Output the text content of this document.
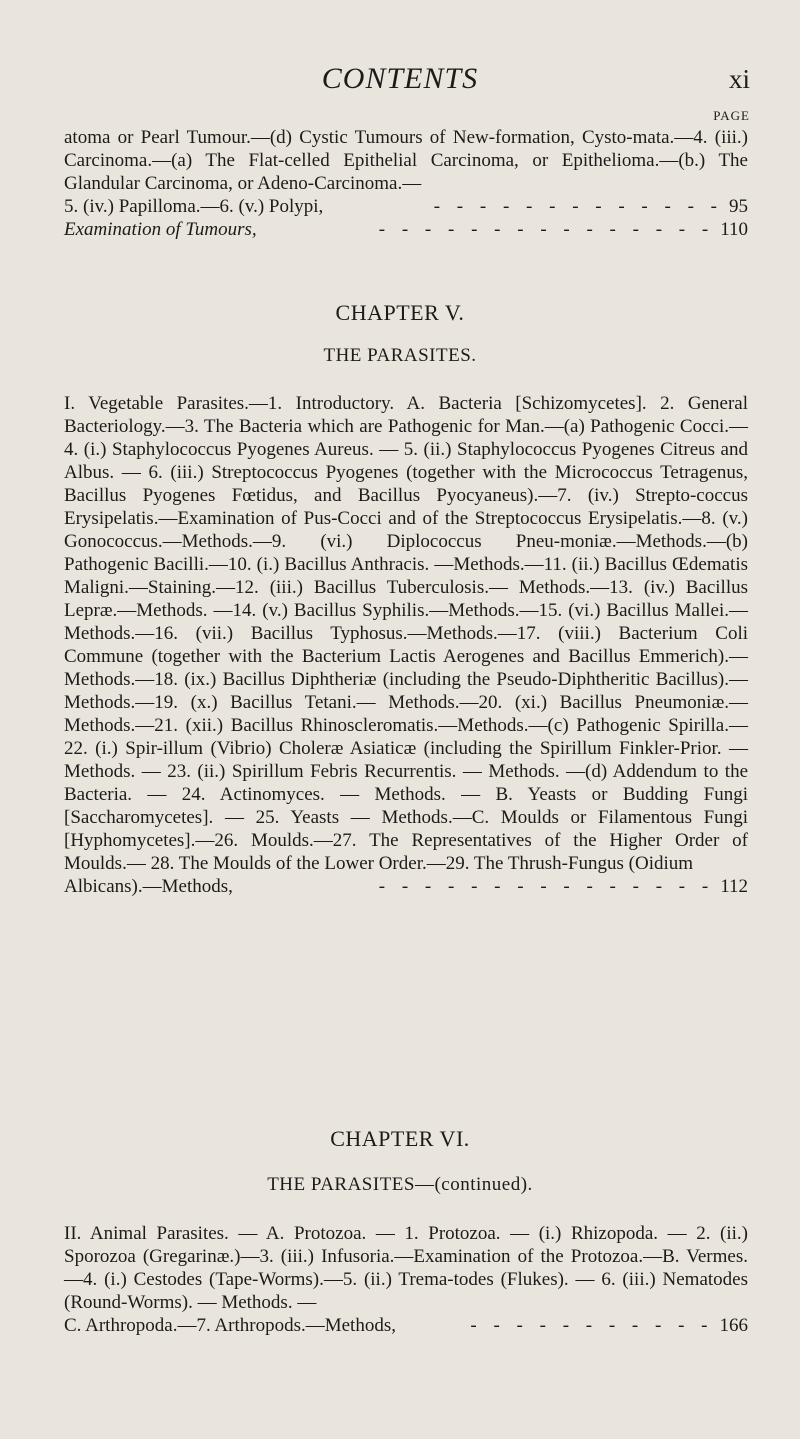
CONTENTS	xi
PAGE

atoma or Pearl Tumour.—(d) Cystic Tumours of New-formation, Cysto-mata.—4. (iii.) Carcinoma.—(a) The Flat-celled Epithelial Carcinoma, or Epithelioma.—(b.) The Glandular Carcinoma, or Adeno-Carcinoma.—

5. (iv.) Papilloma.—6. (v.) Polypi,	- - - - - - - - - - - - - 95
Examination of Tumours,	- - - - - - - - - - - - - - - 110
CHAPTER V.
THE PARASITES.

I. Vegetable Parasites.—1. Introductory. A. Bacteria [Schizomycetes]. 2. General Bacteriology.—3. The Bacteria which are Pathogenic for Man.—(a) Pathogenic Cocci.—4. (i.) Staphylococcus Pyogenes Aureus. — 5. (ii.) Staphylococcus Pyogenes Citreus and Albus. — 6. (iii.) Streptococcus Pyogenes (together with the Micrococcus Tetragenus, Bacillus Pyogenes Fœtidus, and Bacillus Pyocyaneus).—7. (iv.) Strepto-coccus Erysipelatis.—Examination of Pus-Cocci and of the Streptococcus Erysipelatis.—8. (v.) Gonococcus.—Methods.—9. (vi.) Diplococcus Pneu-moniæ.—Methods.—(b) Pathogenic Bacilli.—10. (i.) Bacillus Anthracis. —Methods.—11. (ii.) Bacillus Œdematis Maligni.—Staining.—12. (iii.) Bacillus Tuberculosis.— Methods.—13. (iv.) Bacillus Lepræ.—Methods. —14. (v.) Bacillus Syphilis.—Methods.—15. (vi.) Bacillus Mallei.— Methods.—16. (vii.) Bacillus Typhosus.—Methods.—17. (viii.) Bacterium Coli Commune (together with the Bacterium Lactis Aerogenes and Bacillus Emmerich).—Methods.—18. (ix.) Bacillus Diphtheriæ (including the Pseudo-Diphtheritic Bacillus).—Methods.—19. (x.) Bacillus Tetani.— Methods.—20. (xi.) Bacillus Pneumoniæ.—Methods.—21. (xii.) Bacillus Rhinoscleromatis.—Methods.—(c) Pathogenic Spirilla.—22. (i.) Spir-illum (Vibrio) Choleræ Asiaticæ (including the Spirillum Finkler-Prior. — Methods. — 23. (ii.) Spirillum Febris Recurrentis. — Methods. —(d) Addendum to the Bacteria. — 24. Actinomyces. — Methods. — B. Yeasts or Budding Fungi [Saccharomycetes]. — 25. Yeasts — Methods.—C. Moulds or Filamentous Fungi [Hyphomycetes].—26. Moulds.—27. The Representatives of the Higher Order of Moulds.— 28. The Moulds of the Lower Order.—29. The Thrush-Fungus (Oidium

Albicans).—Methods,	- - - - - - - - - - - - - - - 112
CHAPTER VI.
THE PARASITES—(continued).

II. Animal Parasites. — A. Protozoa. — 1. Protozoa. — (i.) Rhizopoda. — 2. (ii.) Sporozoa (Gregarinæ.)—3. (iii.) Infusoria.—Examination of the Protozoa.—B. Vermes.—4. (i.) Cestodes (Tape-Worms).—5. (ii.) Trema-todes (Flukes). — 6. (iii.) Nematodes (Round-Worms). — Methods. —

C. Arthropoda.—7. Arthropods.—Methods,	- - - - - - - - - - - 166
